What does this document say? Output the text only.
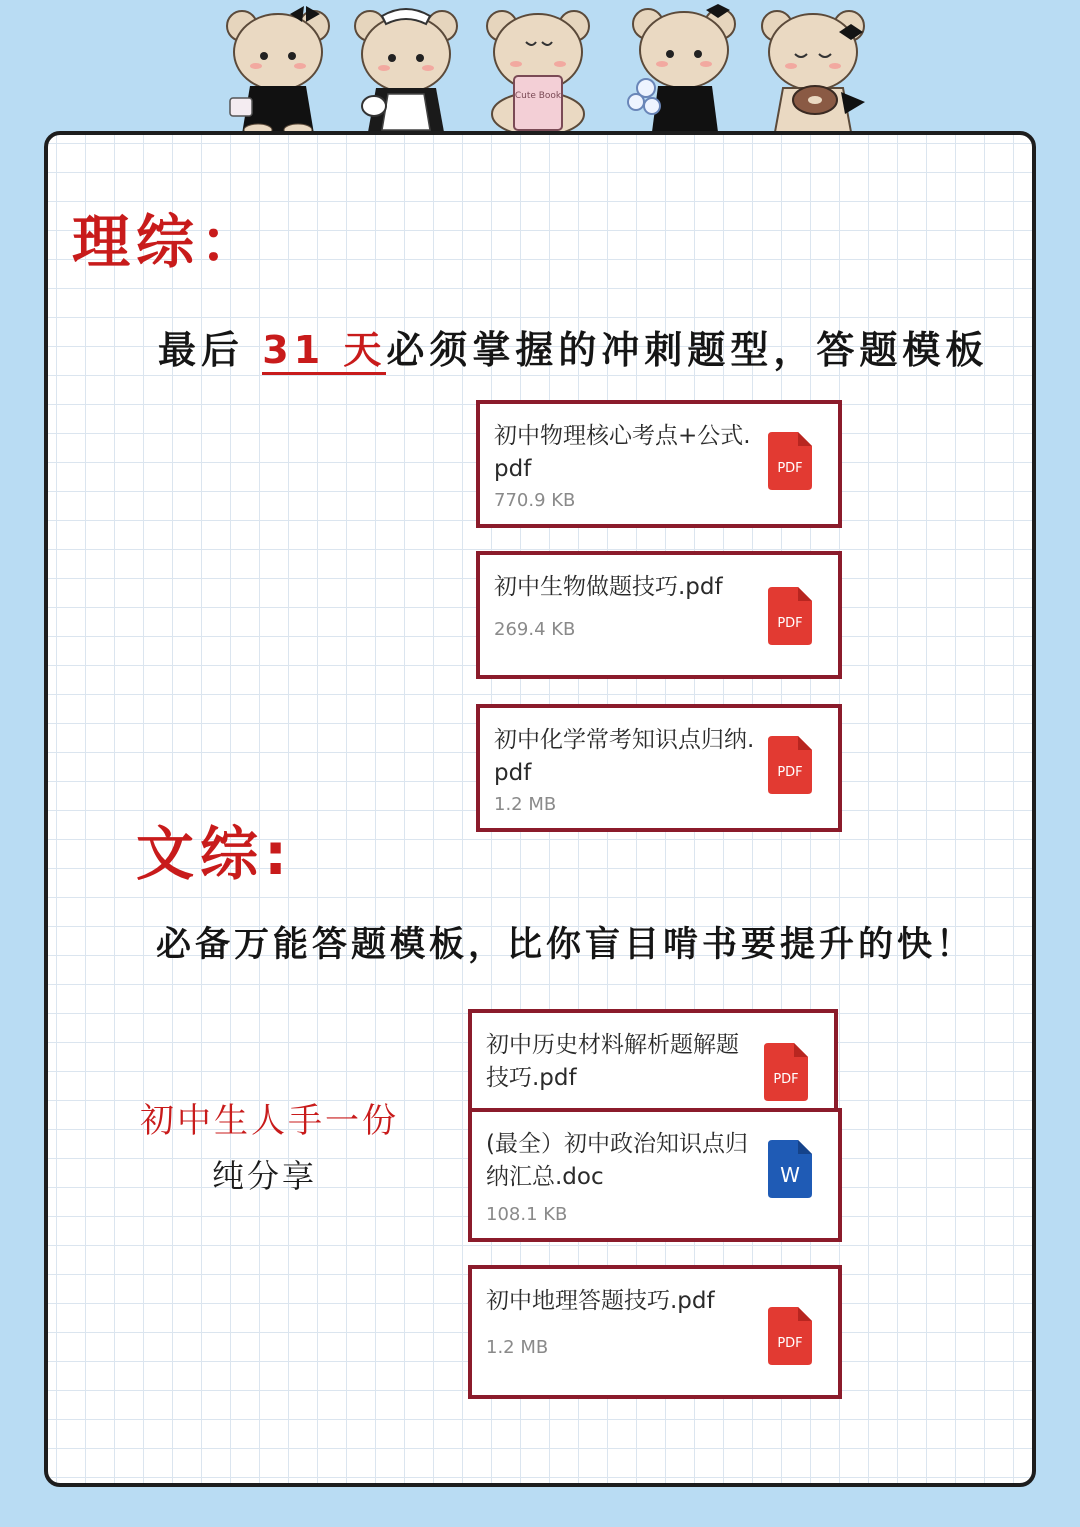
Cute Book
理综：
最后 31 天必须掌握的冲刺题型，答题模板
初中物理核心考点+公式.pdf
770.9 KB
PDF
初中生物做题技巧.pdf
269.4 KB	PDF
初中化学常考知识点归纳.pdf
1.2 MB
PDF
文综:
必备万能答题模板，比你盲目啃书要提升的快！
初中生人手一份
纯分享
初中历史材料解析题解题技巧.pdf	PDF
(最全）初中政治知识点归纳汇总.doc
108.1 KB
W
初中地理答题技巧.pdf
1.2 MB	PDF
